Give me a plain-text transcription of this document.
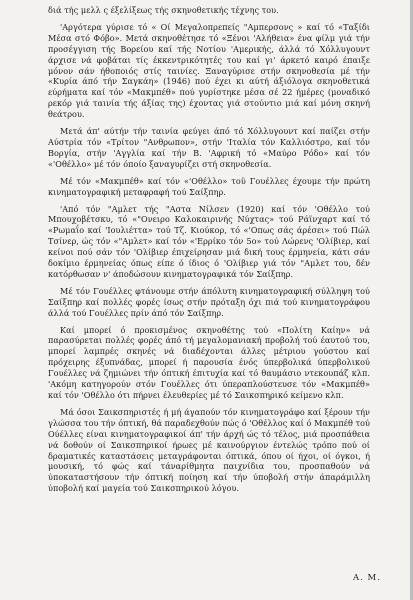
διά τής μελλ ς έξελίξεως τής σκηνοθετικής τέχνης του.

'Αργότερα γύρισε τό « Οί Μεγαλοπρεπείς "Αμπερσονς » καί τό «Ταξίδι Μέσα στό Φόβο». Μετά σκηνοθέτησε τό «Ξένοι 'Αλήθεια» ένα φίλμ γιά τήν προσέγγιση τής Βορείου καί τής Νοτίου 'Αμερικής, άλλά τό Χόλλυγουντ άρχισε νά φοβάται τίς έκκεντρικότητές του καί γι' άρκετό καιρό έπαιξε μόνον σάν ήθοποιός στίς ταινίες. Ξαναγύρισε στήν σκηνοθεσία μέ τήν «Κυρία άπό τήν Σαγκάη» (1946) πού έχει κι αύτή άξιόλογα σκηνοθετικά εύρήματα καί τόν «Μακμπέθ» πού γυρίστηκε μέσα σέ 22 ήμέρες (μοναδικό ρεκόρ γιά ταινία τής άξίας της) έχοντας γιά στούντιο μιά καί μόνη σκηνή θεάτρου.

Μετά άπ' αύτήν τήν ταινία φεύγει άπό τό Χόλλυγουντ καί παίζει στήν Αύστρία τόν «Τρίτον "Ανθρωπον», στήν 'Ιταλία τόν Καλλιόστρο, καί τόν Βοργία, στήν 'Αγγλία καί τήν Β. 'Αφρική τό «Μαύρο Ρόδο» καί τόν «'Οθέλλο» μέ τόν όποίο ξαναγυρίζει στή σκηνοθεσία.

Μέ τόν «Μακμπέθ» καί τόν «'Οθέλλο» τοϋ Γουέλλες έχουμε τήν πρώτη κινηματογραφική μεταφραφή τού Σαίξπηρ.

'Από τόν "Αμλετ τής "Αστα Νίλσεν (1920) καί τόν 'Οθέλλο τού Μπουχοβέτσκυ, τό «"Ονειρο Καλοκαιρινής Νύχτας» τού Ράϊνχαρτ καί τό «Ρωμαΐο καί 'Ιουλιέττα» τού Τζ. Κιούκορ, τό «'Οπως σάς άρέσει» τού Πώλ Τσίνερ, ώς τόν «"Αμλετ» καί τόν «'Ερρίκο τόν 5ο» τού Λώρενς 'Ολίβιερ, καί κείνοι πού σάν τόν 'Ολίβιερ έπιχείρησαν μιά δική τους έρμηνεία, κάτι σάν δοκίμιο έρμηνείας όπως είπε ό ίδιος ό 'Ολίβιερ γιά τόν "Αμλετ του, δέν κατόρθωσαν ν' άποδώσουν κινηματογραφικά τόν Σαίξπηρ.

Μέ τόν Γουέλλες φτάνουμε στήν άπόλυτη κινηματογραφική σύλληψη τού Σαίξπηρ καί πολλές φορές ίσως στήν πρόταξη όχι πιά τού κινηματογράφου άλλά τού Γουέλλες πρίν άπό τόν Σαίξπηρ.

Καί μπορεί ό προκισμένος σκηνοθέτης τού «Πολίτη Καίην» νά παρασύρεται πολλές φορές άπό τή μεγαλομανιακή προβολή τού έαυτού του, μπορεί λαμπρές σκηνές νά διαδέχονται άλλες μέτριου γούστου καί πρόχειρης έξυπνάδας, μπορεί ή παρουσία ένός ύπερβολικά ύπερβολικού Γουέλλες νά ζημιώνει τήν όπτική έπιτυχία καί τό θαυμάσιο ντεκουπάζ κλπ. 'Ακόμη κατηγορούν στόν Γουέλλες ότι ύπεραπλούστευσε τόν «Μακμπέθ» καί τόν 'Οθέλλο ότι πήρνει έλευθερίες μέ τό Σαικσπηρικό κείμενο κλπ.

Μά όσοι Σαικσπηριστές ή μή άγαπούν τόν κινηματογράφο καί ξέρουν τήν γλώσσα του τήν όπτική, θά παραδεχθούν πώς ό 'Οθέλλος καί ό Μακμπέθ τού Ούέλλες είναι κινηματογραφικοί άπ' τήν άρχή ώς τό τέλος, μιά προσπάθεια νά δοθούν οί Σαικσπηρικοί ήρωες μέ καινούργιον έντελώς τρόπο πού οί δραματικές καταστάσεις μεταγράφονται όπτικά, όπου οί ήχοι, οί όγκοι, ή μουσική, τό φώς καί τάναρίθμητα παιχνίδια του, προσπαθούν νά ύποκαταστήσουν τήν όπτική ποίηση καί τήν ύποβολή στήν άπαράμιλλη ύποβολή καί μαγεία τού Σαικσπηρικού λόγου.

Α. Μ.
